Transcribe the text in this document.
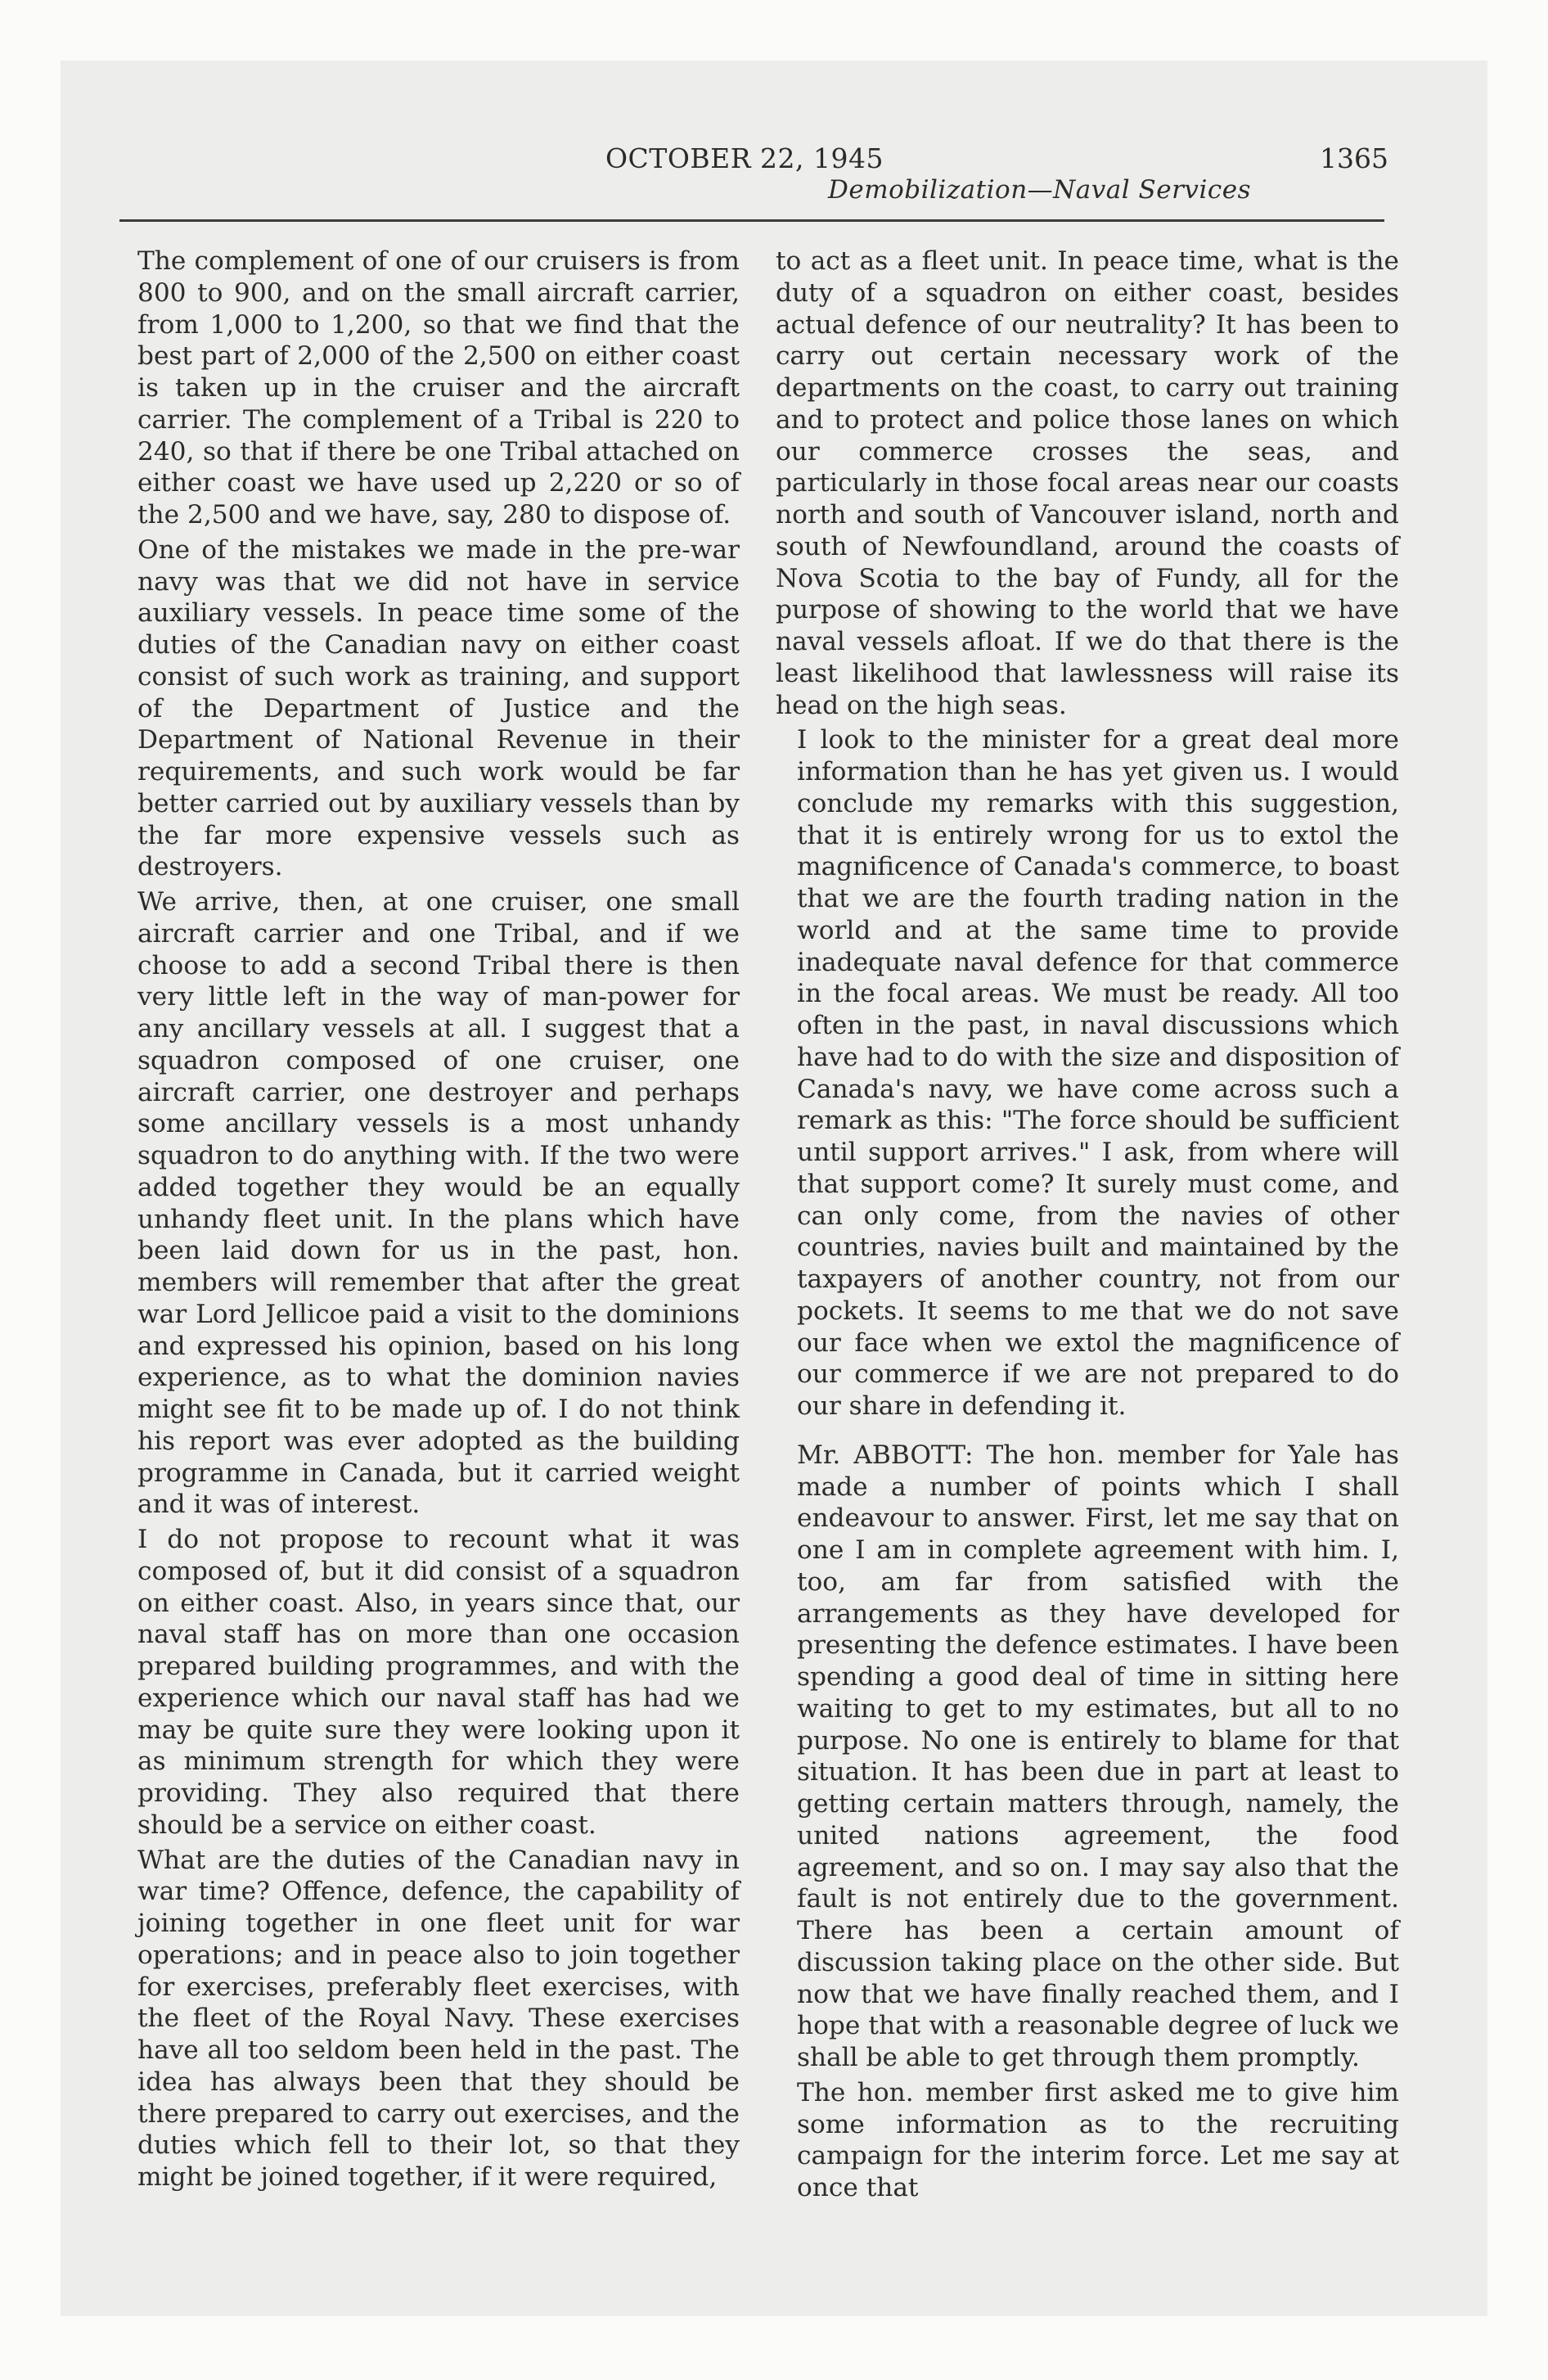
OCTOBER 22, 1945	1365
Demobilization—Naval Services

The complement of one of our cruisers is from 800 to 900, and on the small aircraft carrier, from 1,000 to 1,200, so that we find that the best part of 2,000 of the 2,500 on either coast is taken up in the cruiser and the aircraft carrier. The complement of a Tribal is 220 to 240, so that if there be one Tribal attached on either coast we have used up 2,220 or so of the 2,500 and we have, say, 280 to dispose of.

One of the mistakes we made in the pre-war navy was that we did not have in service auxiliary vessels. In peace time some of the duties of the Canadian navy on either coast consist of such work as training, and support of the Department of Justice and the Department of National Revenue in their requirements, and such work would be far better carried out by auxiliary vessels than by the far more expensive vessels such as destroyers.

We arrive, then, at one cruiser, one small aircraft carrier and one Tribal, and if we choose to add a second Tribal there is then very little left in the way of man-power for any ancillary vessels at all. I suggest that a squadron composed of one cruiser, one aircraft carrier, one destroyer and perhaps some ancillary vessels is a most unhandy squadron to do anything with. If the two were added together they would be an equally unhandy fleet unit. In the plans which have been laid down for us in the past, hon. members will remember that after the great war Lord Jellicoe paid a visit to the dominions and expressed his opinion, based on his long experience, as to what the dominion navies might see fit to be made up of. I do not think his report was ever adopted as the building programme in Canada, but it carried weight and it was of interest.

I do not propose to recount what it was composed of, but it did consist of a squadron on either coast. Also, in years since that, our naval staff has on more than one occasion prepared building programmes, and with the experience which our naval staff has had we may be quite sure they were looking upon it as minimum strength for which they were providing. They also required that there should be a service on either coast.

What are the duties of the Canadian navy in war time? Offence, defence, the capability of joining together in one fleet unit for war operations; and in peace also to join together for exercises, preferably fleet exercises, with the fleet of the Royal Navy. These exercises have all too seldom been held in the past. The idea has always been that they should be there prepared to carry out exercises, and the duties which fell to their lot, so that they might be joined together, if it were required,

to act as a fleet unit. In peace time, what is the duty of a squadron on either coast, besides actual defence of our neutrality? It has been to carry out certain necessary work of the departments on the coast, to carry out training and to protect and police those lanes on which our commerce crosses the seas, and particularly in those focal areas near our coasts north and south of Vancouver island, north and south of Newfoundland, around the coasts of Nova Scotia to the bay of Fundy, all for the purpose of showing to the world that we have naval vessels afloat. If we do that there is the least likelihood that lawlessness will raise its head on the high seas.

I look to the minister for a great deal more information than he has yet given us. I would conclude my remarks with this suggestion, that it is entirely wrong for us to extol the magnificence of Canada's commerce, to boast that we are the fourth trading nation in the world and at the same time to provide inadequate naval defence for that commerce in the focal areas. We must be ready. All too often in the past, in naval discussions which have had to do with the size and disposition of Canada's navy, we have come across such a remark as this: "The force should be sufficient until support arrives." I ask, from where will that support come? It surely must come, and can only come, from the navies of other countries, navies built and maintained by the taxpayers of another country, not from our pockets. It seems to me that we do not save our face when we extol the magnificence of our commerce if we are not prepared to do our share in defending it.

Mr. ABBOTT: The hon. member for Yale has made a number of points which I shall endeavour to answer. First, let me say that on one I am in complete agreement with him. I, too, am far from satisfied with the arrangements as they have developed for presenting the defence estimates. I have been spending a good deal of time in sitting here waiting to get to my estimates, but all to no purpose. No one is entirely to blame for that situation. It has been due in part at least to getting certain matters through, namely, the united nations agreement, the food agreement, and so on. I may say also that the fault is not entirely due to the government. There has been a certain amount of discussion taking place on the other side. But now that we have finally reached them, and I hope that with a reasonable degree of luck we shall be able to get through them promptly.

The hon. member first asked me to give him some information as to the recruiting campaign for the interim force. Let me say at once that
